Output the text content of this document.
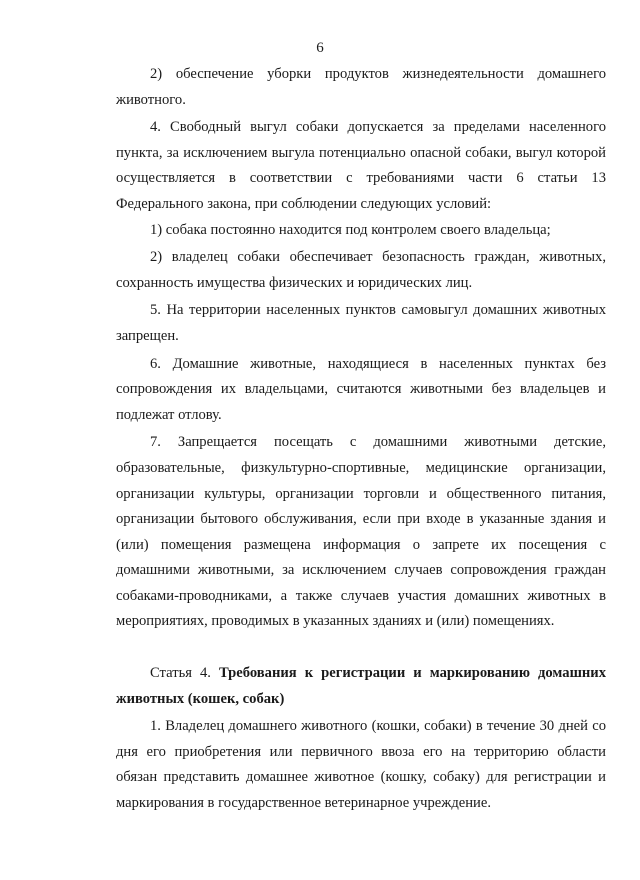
6

2) обеспечение уборки продуктов жизнедеятельности домашнего животного.

4. Свободный выгул собаки допускается за пределами населенного пункта, за исключением выгула потенциально опасной собаки, выгул которой осуществляется в соответствии с требованиями части 6 статьи 13 Федерального закона, при соблюдении следующих условий:

1) собака постоянно находится под контролем своего владельца;

2) владелец собаки обеспечивает безопасность граждан, животных, сохранность имущества физических и юридических лиц.

5. На территории населенных пунктов самовыгул домашних животных запрещен.

6. Домашние животные, находящиеся в населенных пунктах без сопровождения их владельцами, считаются животными без владельцев и подлежат отлову.

7. Запрещается посещать с домашними животными детские, образовательные, физкультурно-спортивные, медицинские организации, организации культуры, организации торговли и общественного питания, организации бытового обслуживания, если при входе в указанные здания и (или) помещения размещена информация о запрете их посещения с домашними животными, за исключением случаев сопровождения граждан собаками-проводниками, а также случаев участия домашних животных в мероприятиях, проводимых в указанных зданиях и (или) помещениях.

Статья 4. Требования к регистрации и маркированию домашних животных (кошек, собак)

1. Владелец домашнего животного (кошки, собаки) в течение 30 дней со дня его приобретения или первичного ввоза его на территорию области обязан представить домашнее животное (кошку, собаку) для регистрации и маркирования в государственное ветеринарное учреждение.
